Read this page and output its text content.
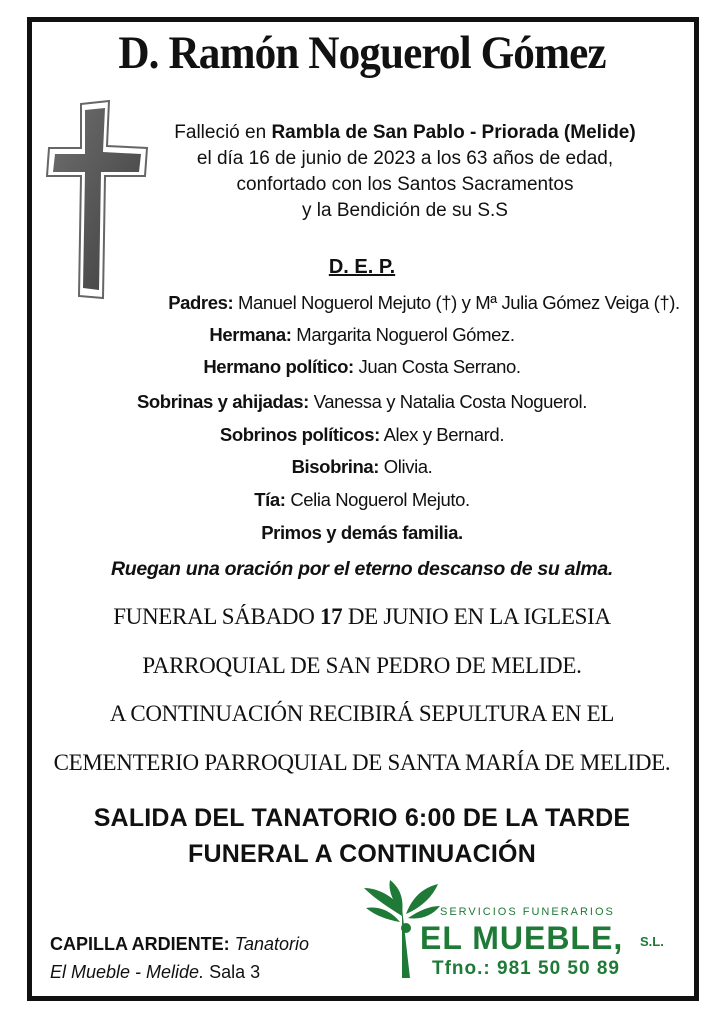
D. Ramón Noguerol Gómez
Falleció en Rambla de San Pablo - Priorada (Melide)
el día 16 de junio de 2023 a los 63 años de edad,
confortado con los Santos Sacramentos
y la Bendición de su S.S
D. E. P.
Padres: Manuel Noguerol Mejuto (†) y Mª Julia Gómez Veiga (†).
Hermana: Margarita Noguerol Gómez.
Hermano político: Juan Costa Serrano.
Sobrinas y ahijadas: Vanessa y Natalia Costa Noguerol.
Sobrinos políticos: Alex y Bernard.
Bisobrina: Olivia.
Tía: Celia Noguerol Mejuto.
Primos y demás familia.
Ruegan una oración por el eterno descanso de su alma.
FUNERAL SÁBADO 17 DE JUNIO EN LA IGLESIA
PARROQUIAL DE SAN PEDRO DE MELIDE.
A CONTINUACIÓN RECIBIRÁ SEPULTURA EN EL
CEMENTERIO PARROQUIAL DE SANTA MARÍA DE MELIDE.
SALIDA DEL TANATORIO 6:00 DE LA TARDE
FUNERAL A CONTINUACIÓN
CAPILLA ARDIENTE: Tanatorio
El Mueble - Melide. Sala 3
SERVICIOS FUNERARIOS
EL MUEBLE, S.L.
Tfno.: 981 50 50 89
